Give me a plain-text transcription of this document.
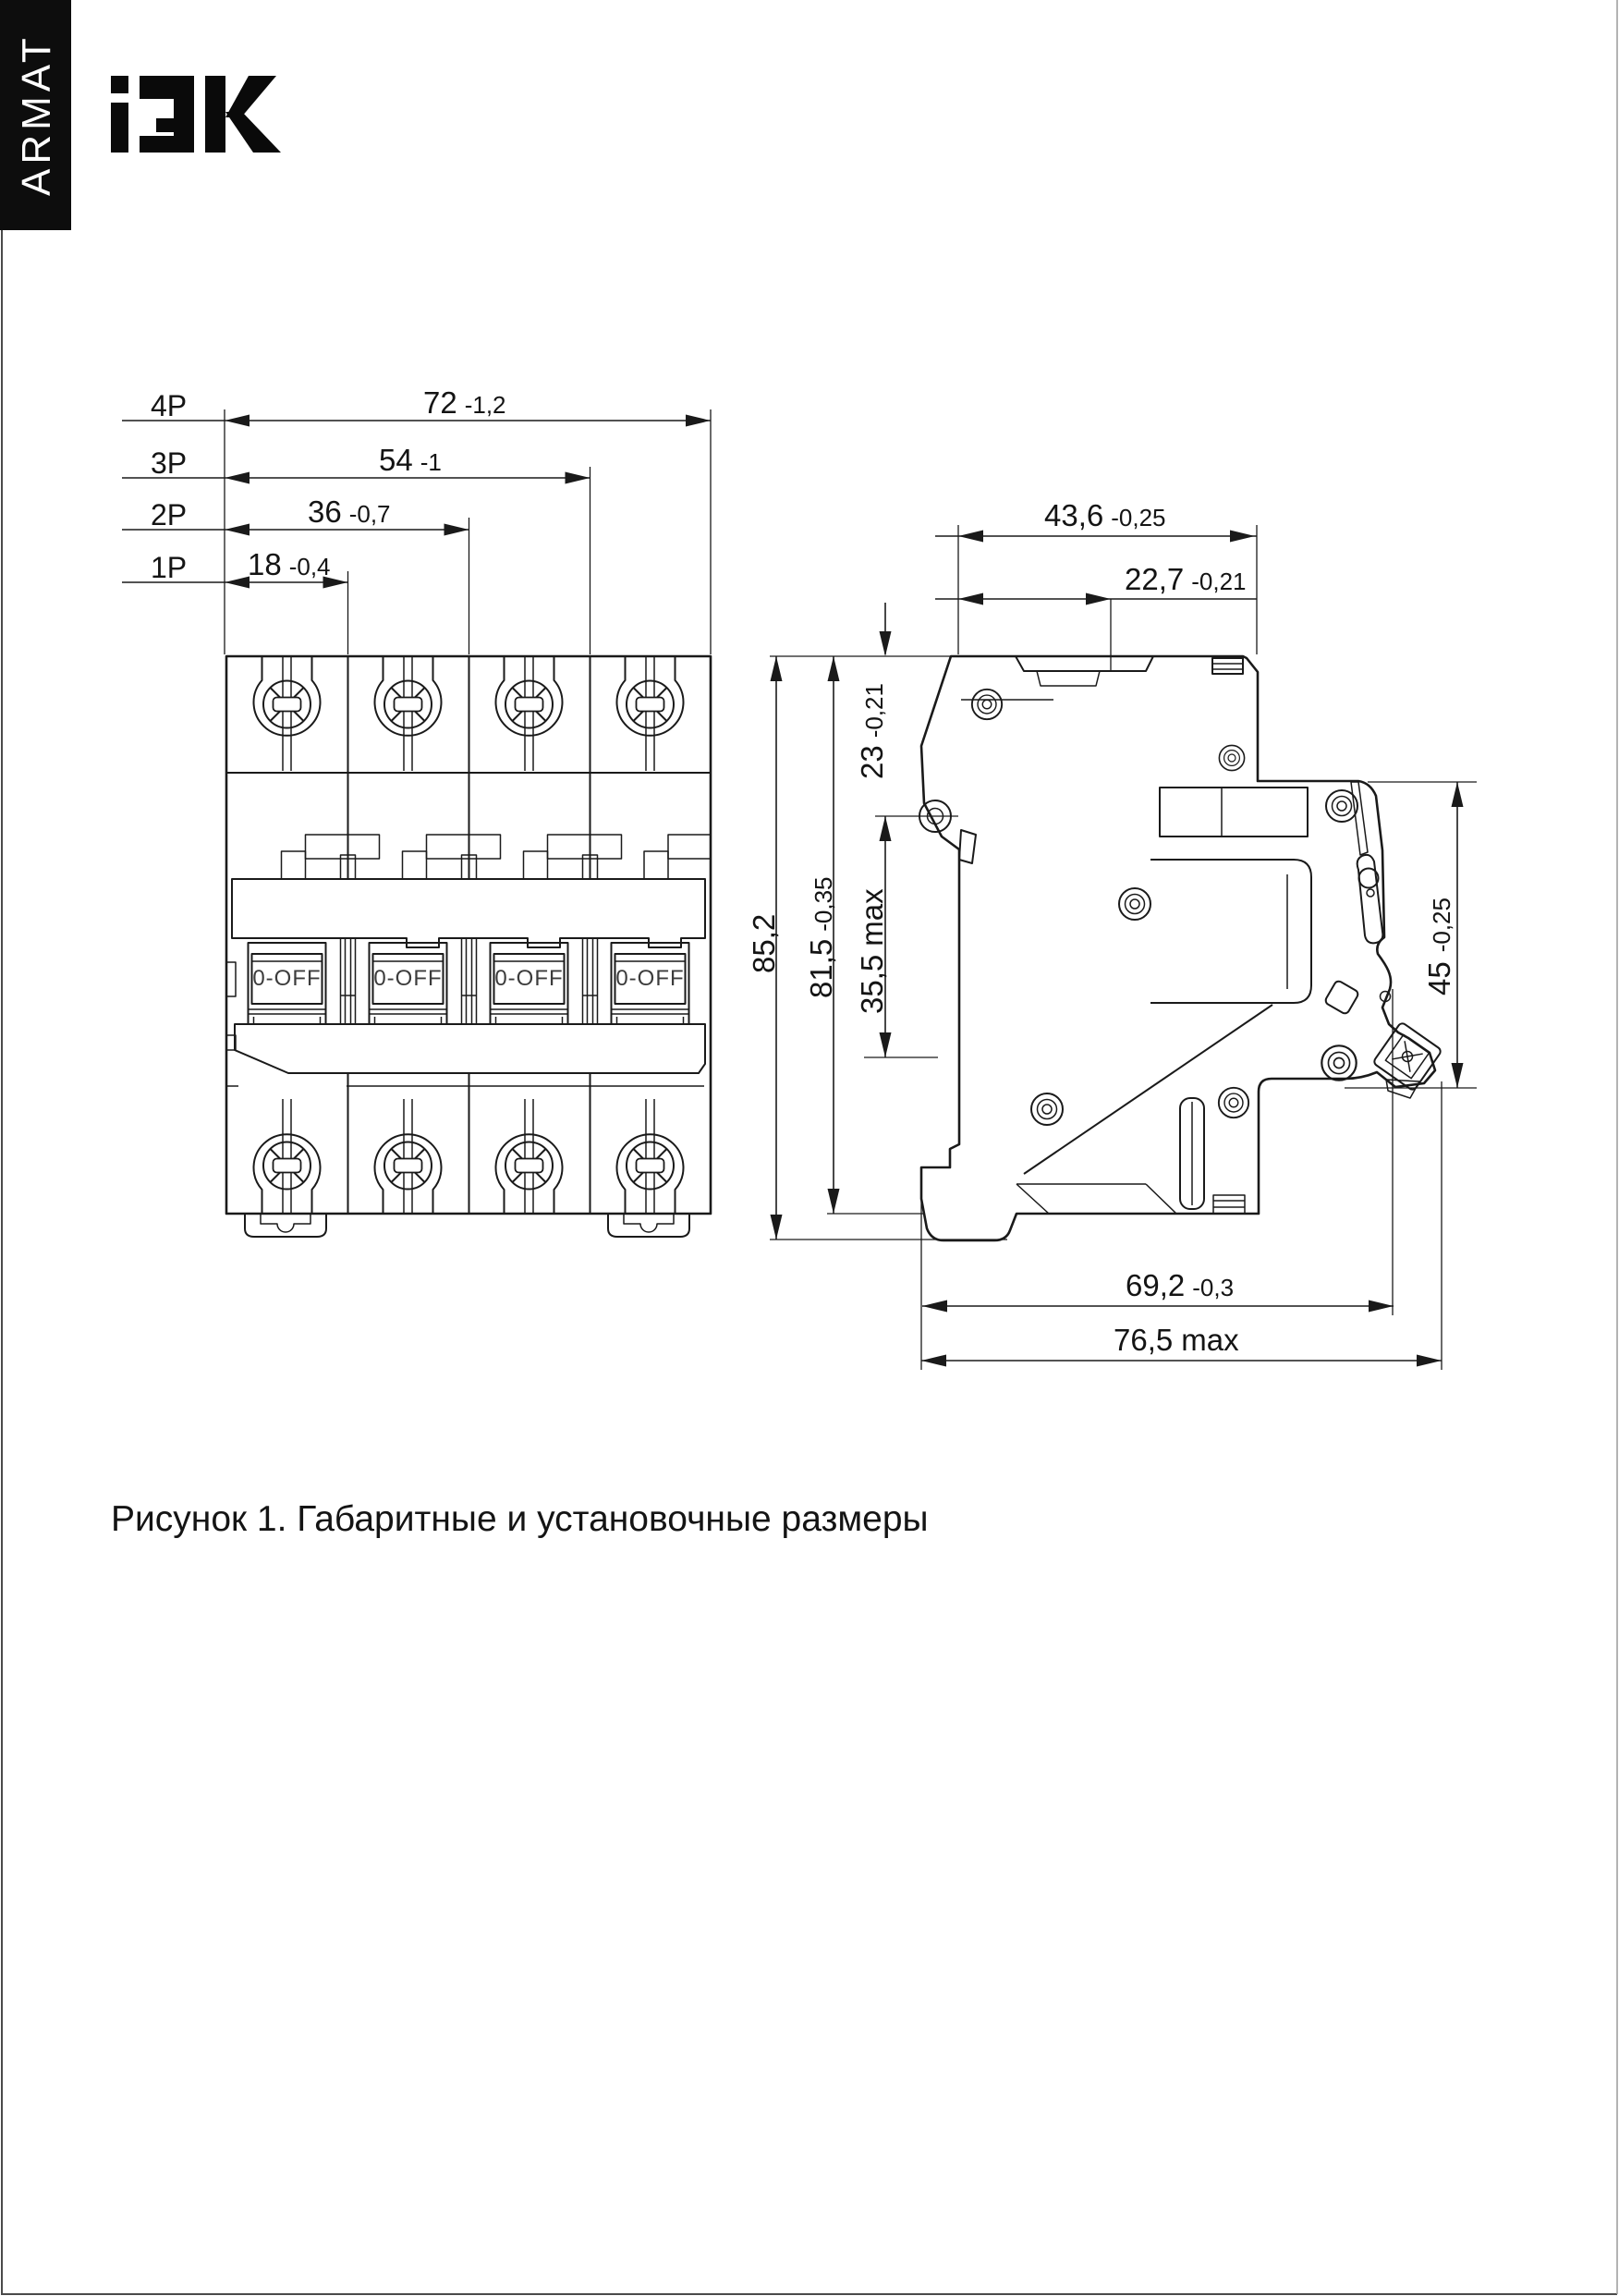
ARMAT
0-OFF 0-OFF 0-OFF 0-OFF
4P
3P
2P
1P
72 -1,2
54 -1
36 -0,7
18 -0,4
43,6 -0,25
22,7 -0,21
23-0,21
35,5max
85,2 81,5-0,35
45-0,25
69,2 -0,3
76,5 max
Рисунок 1. Габаритные и установочные размеры
